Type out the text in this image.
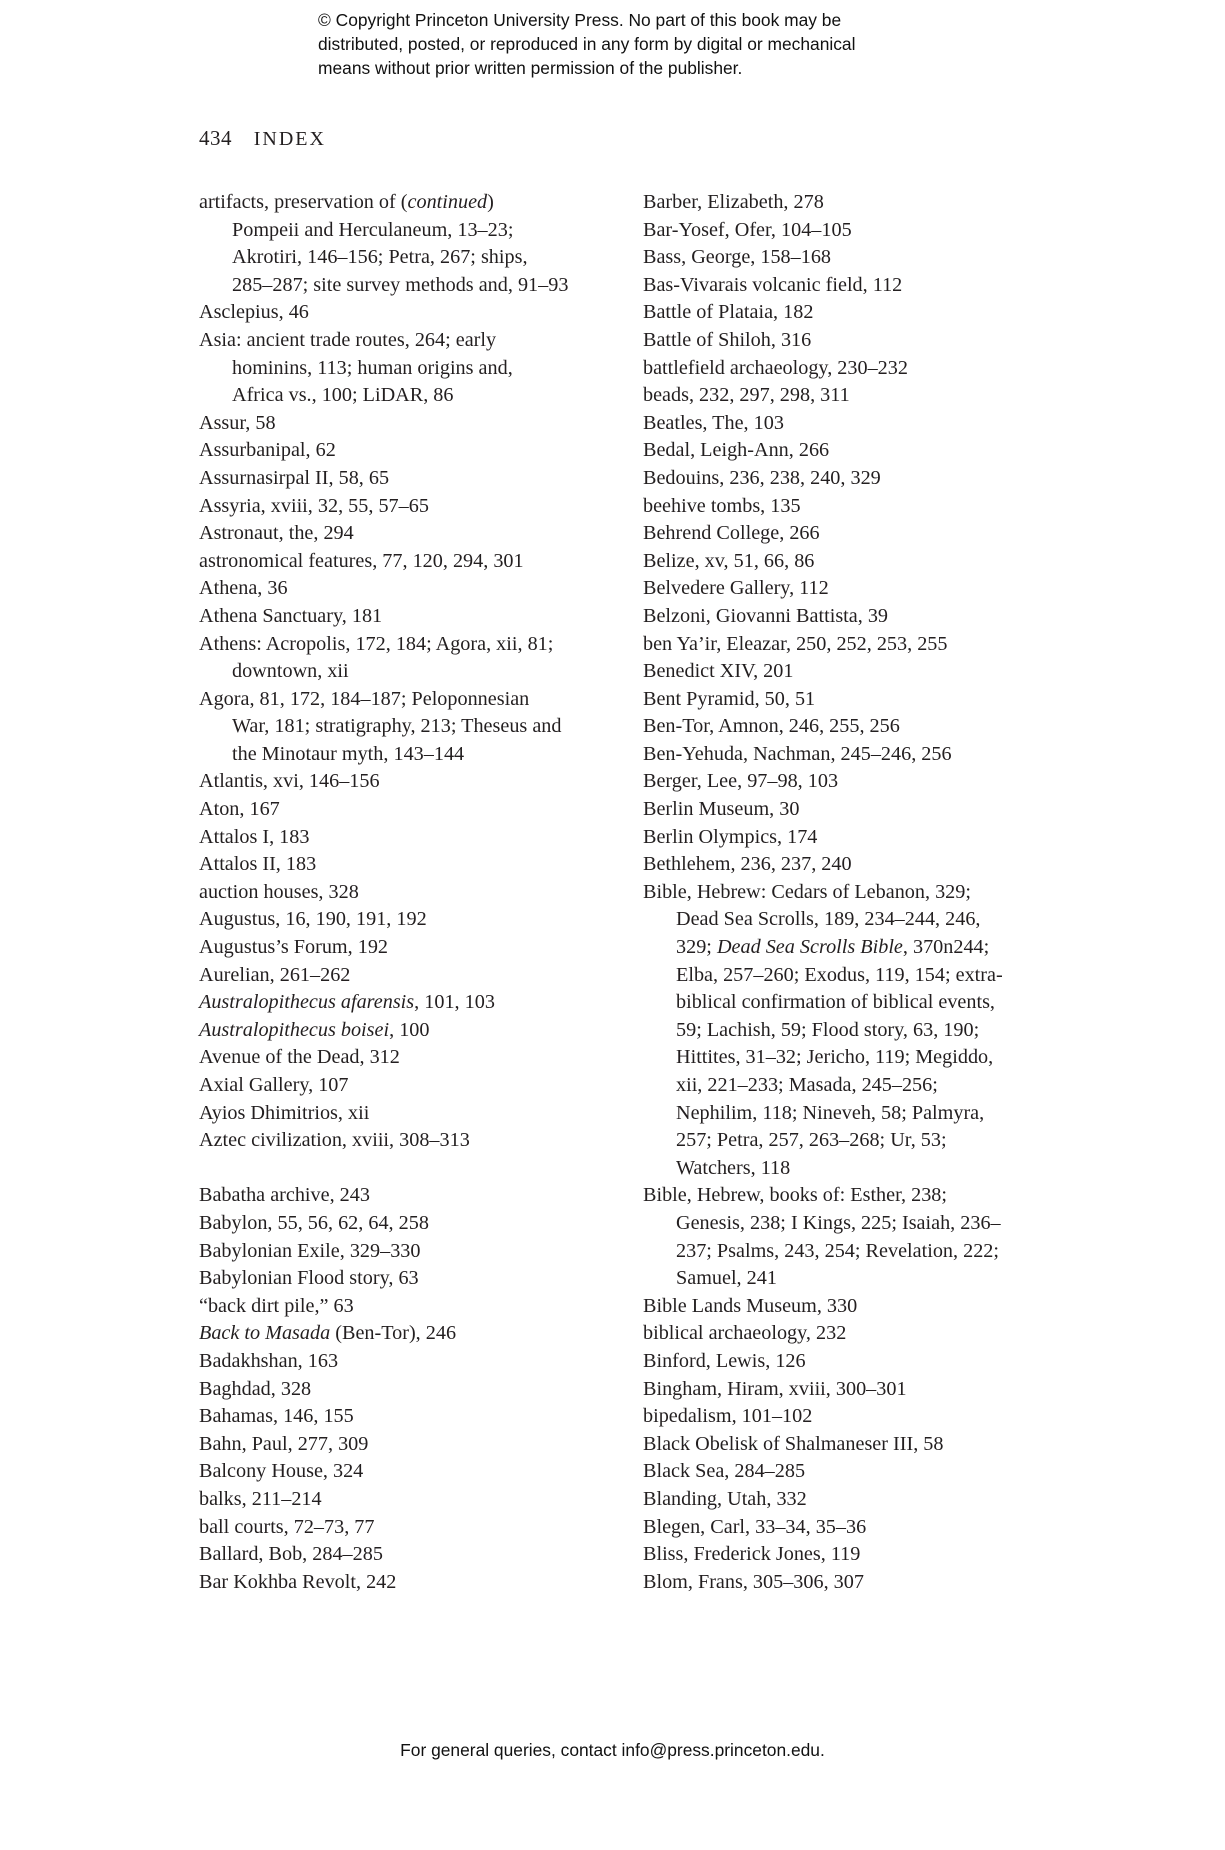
© Copyright Princeton University Press. No part of this book may be
distributed, posted, or reproduced in any form by digital or mechanical
means without prior written permission of the publisher.
434 INDEX
artifacts, preservation of (continued)
Pompeii and Herculaneum, 13–23;
Akrotiri, 146–156; Petra, 267; ships,
285–287; site survey methods and, 91–93
Asclepius, 46
Asia: ancient trade routes, 264; early
hominins, 113; human origins and,
Africa vs., 100; LiDAR, 86
Assur, 58
Assurbanipal, 62
Assurnasirpal II, 58, 65
Assyria, xviii, 32, 55, 57–65
Astronaut, the, 294
astronomical features, 77, 120, 294, 301
Athena, 36
Athena Sanctuary, 181
Athens: Acropolis, 172, 184; Agora, xii, 81;
downtown, xii
Agora, 81, 172, 184–187; Peloponnesian
War, 181; stratigraphy, 213; Theseus and
the Minotaur myth, 143–144
Atlantis, xvi, 146–156
Aton, 167
Attalos I, 183
Attalos II, 183
auction houses, 328
Augustus, 16, 190, 191, 192
Augustus’s Forum, 192
Aurelian, 261–262
Australopithecus afarensis, 101, 103
Australopithecus boisei, 100
Avenue of the Dead, 312
Axial Gallery, 107
Ayios Dhimitrios, xii
Aztec civilization, xviii, 308–313
Babatha archive, 243
Babylon, 55, 56, 62, 64, 258
Babylonian Exile, 329–330
Babylonian Flood story, 63
“back dirt pile,” 63
Back to Masada (Ben-Tor), 246
Badakhshan, 163
Baghdad, 328
Bahamas, 146, 155
Bahn, Paul, 277, 309
Balcony House, 324
balks, 211–214
ball courts, 72–73, 77
Ballard, Bob, 284–285
Bar Kokhba Revolt, 242
Barber, Elizabeth, 278
Bar-Yosef, Ofer, 104–105
Bass, George, 158–168
Bas-Vivarais volcanic field, 112
Battle of Plataia, 182
Battle of Shiloh, 316
battlefield archaeology, 230–232
beads, 232, 297, 298, 311
Beatles, The, 103
Bedal, Leigh-Ann, 266
Bedouins, 236, 238, 240, 329
beehive tombs, 135
Behrend College, 266
Belize, xv, 51, 66, 86
Belvedere Gallery, 112
Belzoni, Giovanni Battista, 39
ben Ya’ir, Eleazar, 250, 252, 253, 255
Benedict XIV, 201
Bent Pyramid, 50, 51
Ben-Tor, Amnon, 246, 255, 256
Ben-Yehuda, Nachman, 245–246, 256
Berger, Lee, 97–98, 103
Berlin Museum, 30
Berlin Olympics, 174
Bethlehem, 236, 237, 240
Bible, Hebrew: Cedars of Lebanon, 329;
Dead Sea Scrolls, 189, 234–244, 246,
329; Dead Sea Scrolls Bible, 370n244;
Elba, 257–260; Exodus, 119, 154; extra-
biblical confirmation of biblical events,
59; Lachish, 59; Flood story, 63, 190;
Hittites, 31–32; Jericho, 119; Megiddo,
xii, 221–233; Masada, 245–256;
Nephilim, 118; Nineveh, 58; Palmyra,
257; Petra, 257, 263–268; Ur, 53;
Watchers, 118
Bible, Hebrew, books of: Esther, 238;
Genesis, 238; I Kings, 225; Isaiah, 236–
237; Psalms, 243, 254; Revelation, 222;
Samuel, 241
Bible Lands Museum, 330
biblical archaeology, 232
Binford, Lewis, 126
Bingham, Hiram, xviii, 300–301
bipedalism, 101–102
Black Obelisk of Shalmaneser III, 58
Black Sea, 284–285
Blanding, Utah, 332
Blegen, Carl, 33–34, 35–36
Bliss, Frederick Jones, 119
Blom, Frans, 305–306, 307
For general queries, contact info@press.princeton.edu.
